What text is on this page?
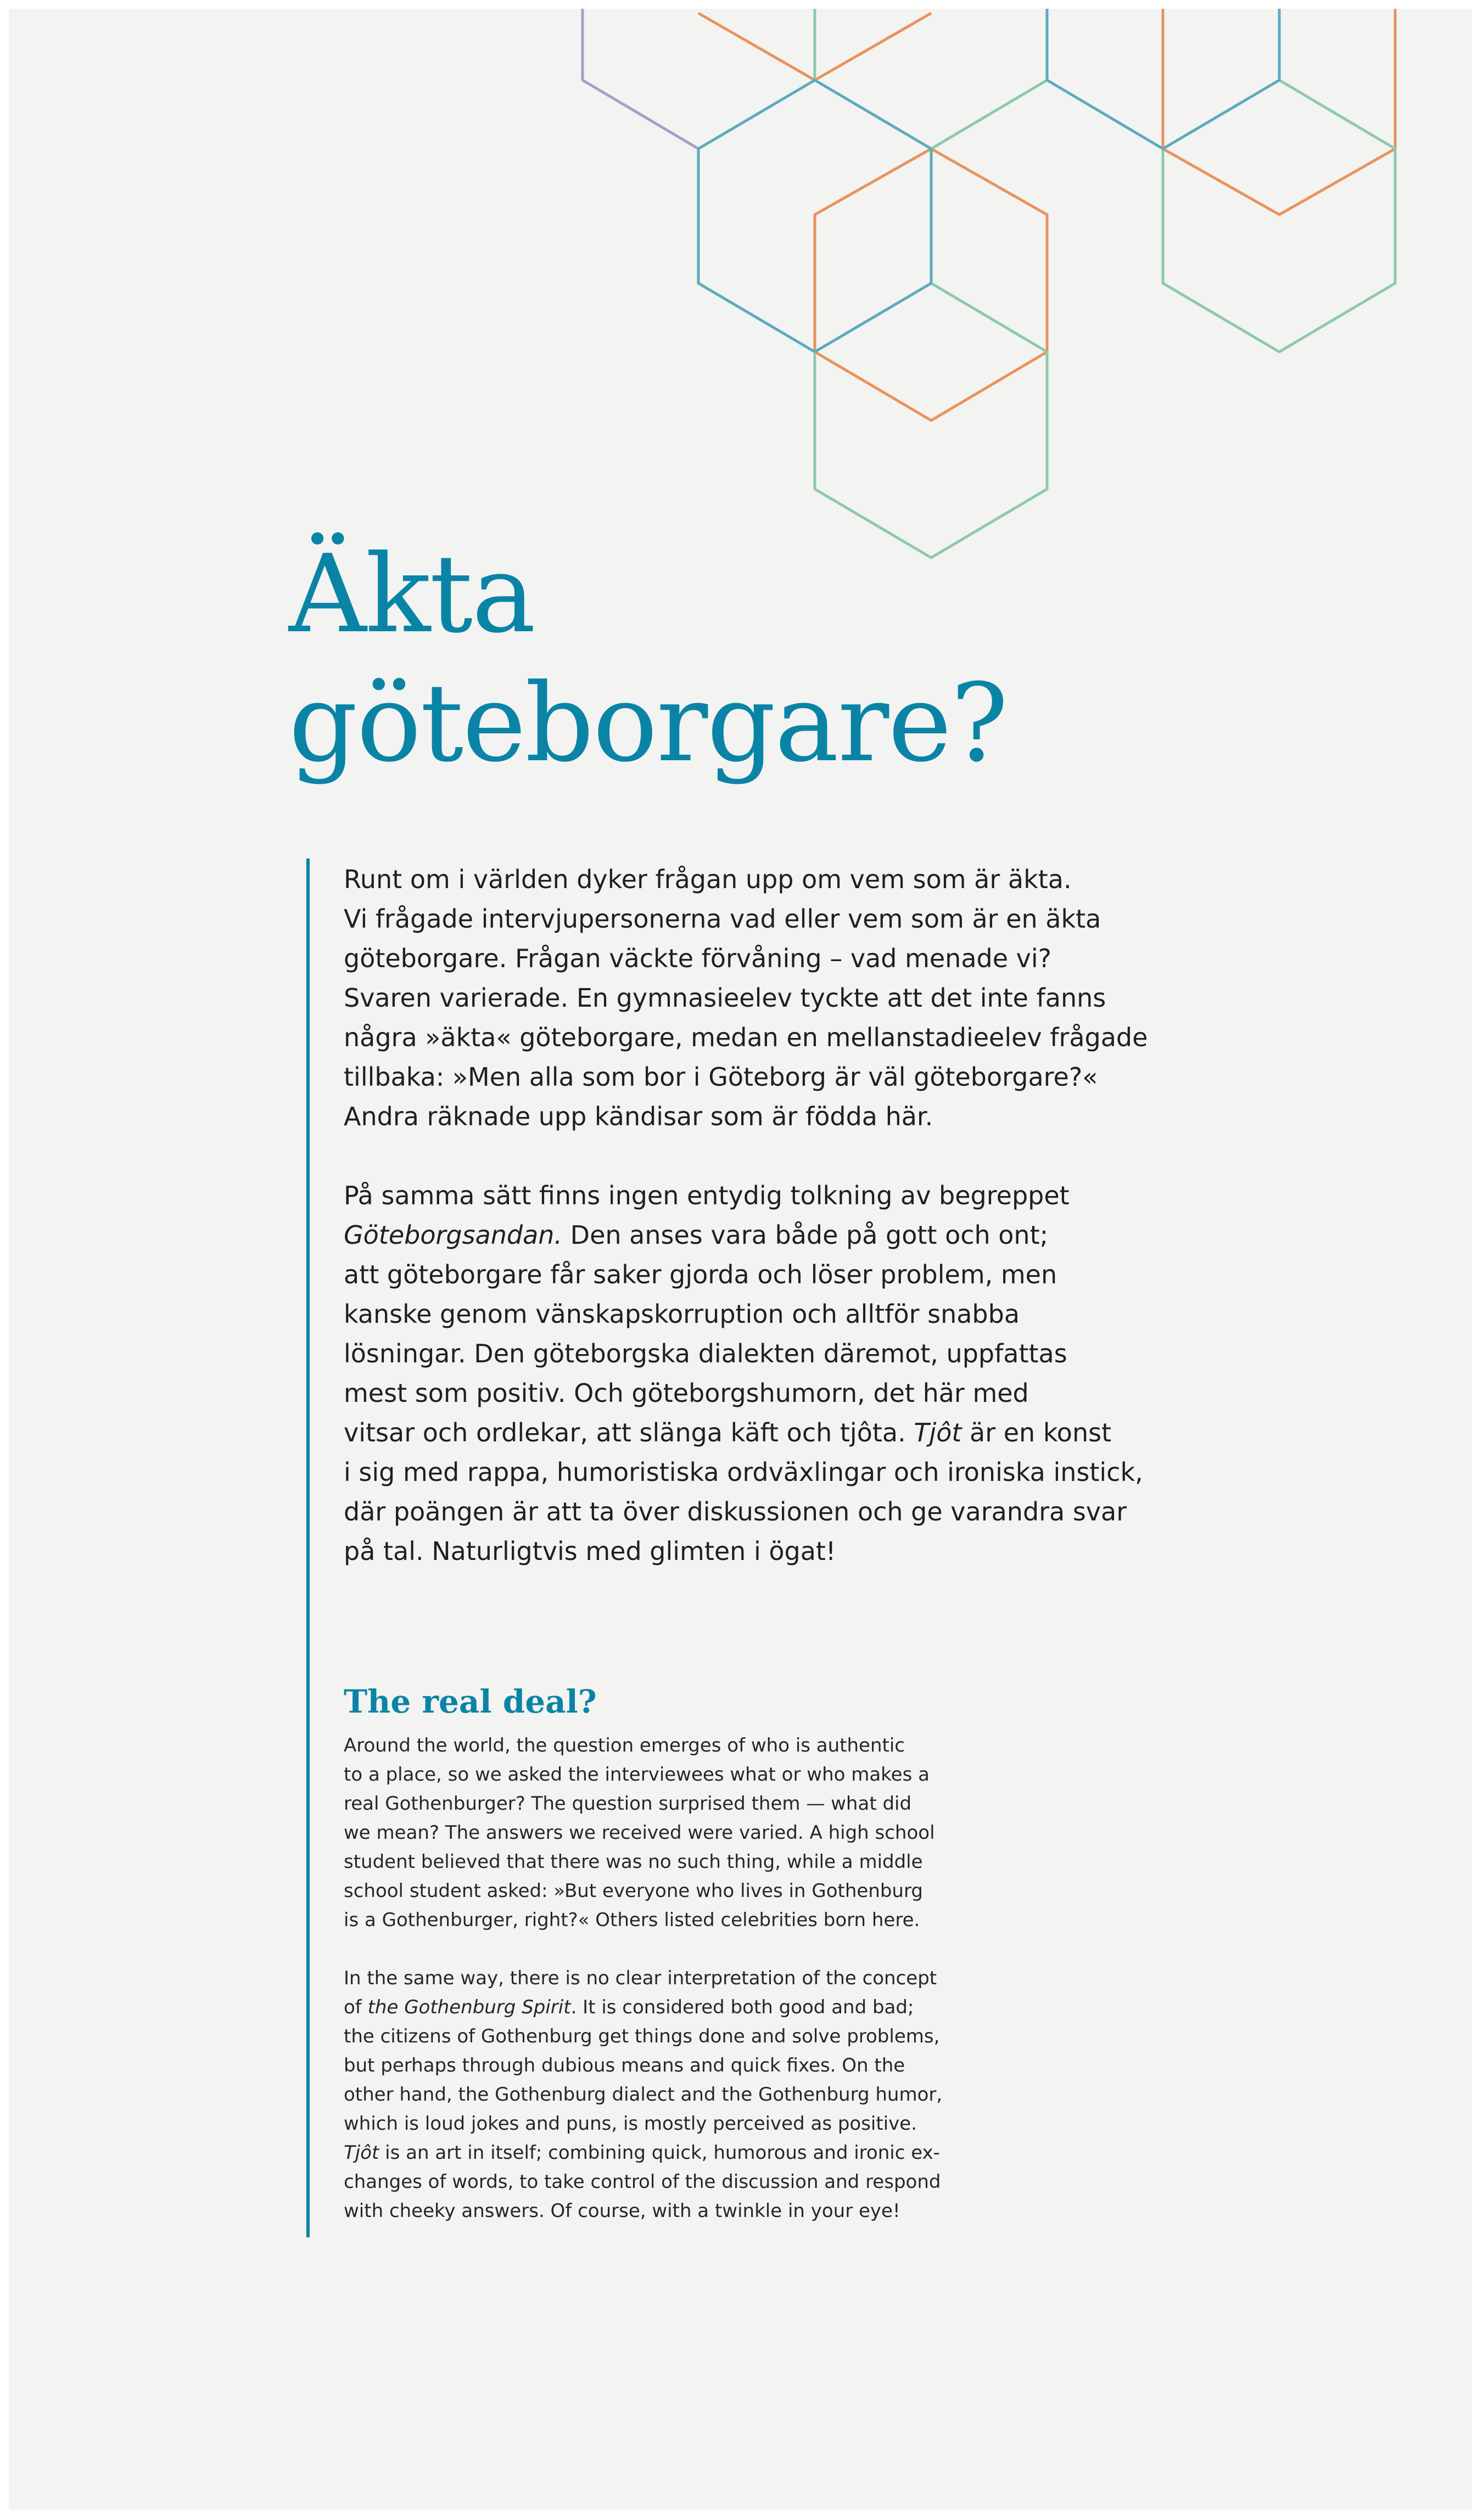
Äkta
göteborgare?

Runt om i världen dyker frågan upp om vem som är äkta.
Vi frågade intervjupersonerna vad eller vem som är en äkta
göteborgare. Frågan väckte förvåning – vad menade vi?
Svaren varierade. En gymnasieelev tyckte att det inte fanns
några »äkta« göteborgare, medan en mellanstadieelev frågade
tillbaka: »Men alla som bor i Göteborg är väl göteborgare?«
Andra räknade upp kändisar som är födda här.

På samma sätt finns ingen entydig tolkning av begreppet
Göteborgsandan. Den anses vara både på gott och ont;
att göteborgare får saker gjorda och löser problem, men
kanske genom vänskapskorruption och alltför snabba
lösningar. Den göteborgska dialekten däremot, uppfattas
mest som positiv. Och göteborgshumorn, det här med
vitsar och ordlekar, att slänga käft och tjôta. Tjôt är en konst
i sig med rappa, humoristiska ordväxlingar och ironiska instick,
där poängen är att ta över diskussionen och ge varandra svar
på tal. Naturligtvis med glimten i ögat!

The real deal?

Around the world, the question emerges of who is authentic
to a place, so we asked the interviewees what or who makes a
real Gothenburger? The question surprised them — what did
we mean? The answers we received were varied. A high school
student believed that there was no such thing, while a middle
school student asked: »But everyone who lives in Gothenburg
is a Gothenburger, right?« Others listed celebrities born here.

In the same way, there is no clear interpretation of the concept
of the Gothenburg Spirit. It is considered both good and bad;
the citizens of Gothenburg get things done and solve problems,
but perhaps through dubious means and quick fixes. On the
other hand, the Gothenburg dialect and the Gothenburg humor,
which is loud jokes and puns, is mostly perceived as positive.
Tjôt is an art in itself; combining quick, humorous and ironic ex-
changes of words, to take control of the discussion and respond
with cheeky answers. Of course, with a twinkle in your eye!
